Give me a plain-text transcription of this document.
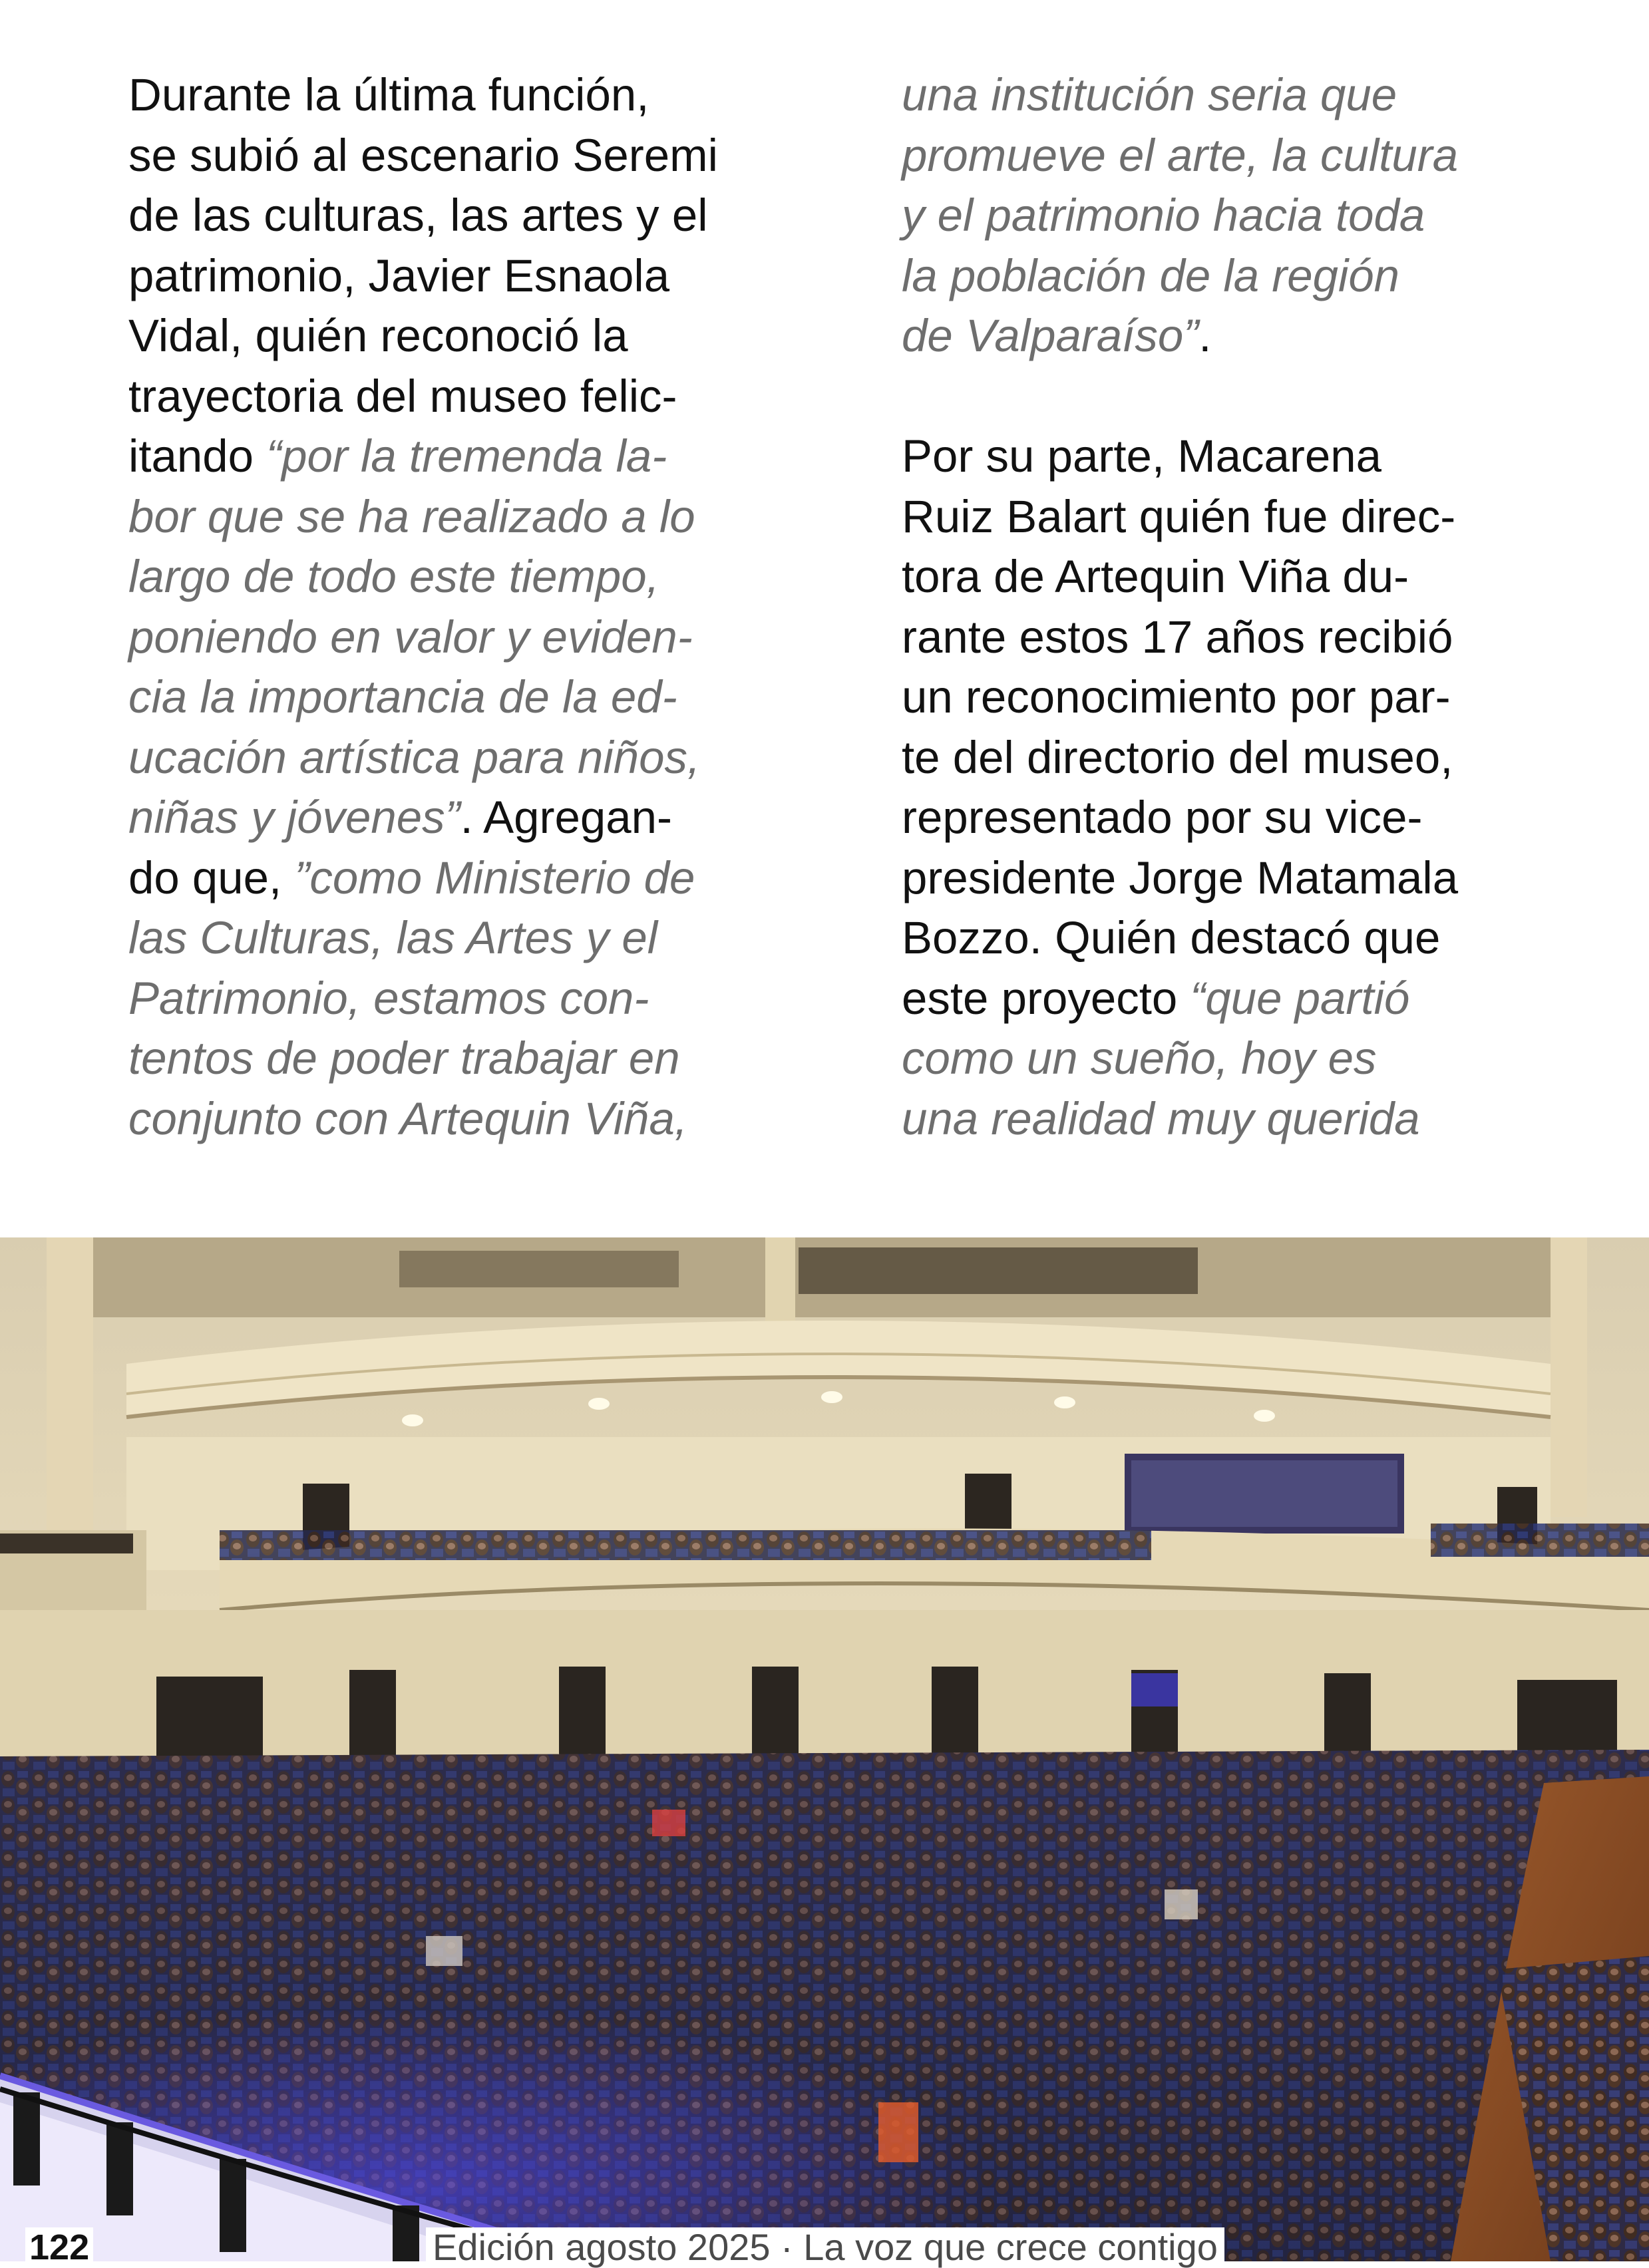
Durante la última función,
se subió al escenario Seremi
de las culturas, las artes y el
patrimonio, Javier Esnaola
Vidal, quién reconoció la
trayectoria del museo felic-
itando “por la tremenda la-
bor que se ha realizado a lo
largo de todo este tiempo,
poniendo en valor y eviden-
cia la importancia de la ed-
ucación artística para niños,
niñas y jóvenes”. Agregan-
do que, ”como Ministerio de
las Culturas, las Artes y el
Patrimonio, estamos con-
tentos de poder trabajar en
conjunto con Artequin Viña,
una institución seria que
promueve el arte, la cultura
y el patrimonio hacia toda
la población de la región
de Valparaíso”.
Por su parte, Macarena
Ruiz Balart quién fue direc-
tora de Artequin Viña du-
rante estos 17 años recibió
un reconocimiento por par-
te del directorio del museo,
representado por su vice-
presidente Jorge Matamala
Bozzo. Quién destacó que
este proyecto “que partió
como un sueño, hoy es
una realidad muy querida
122	Edición agosto 2025 · La voz que crece contigo
